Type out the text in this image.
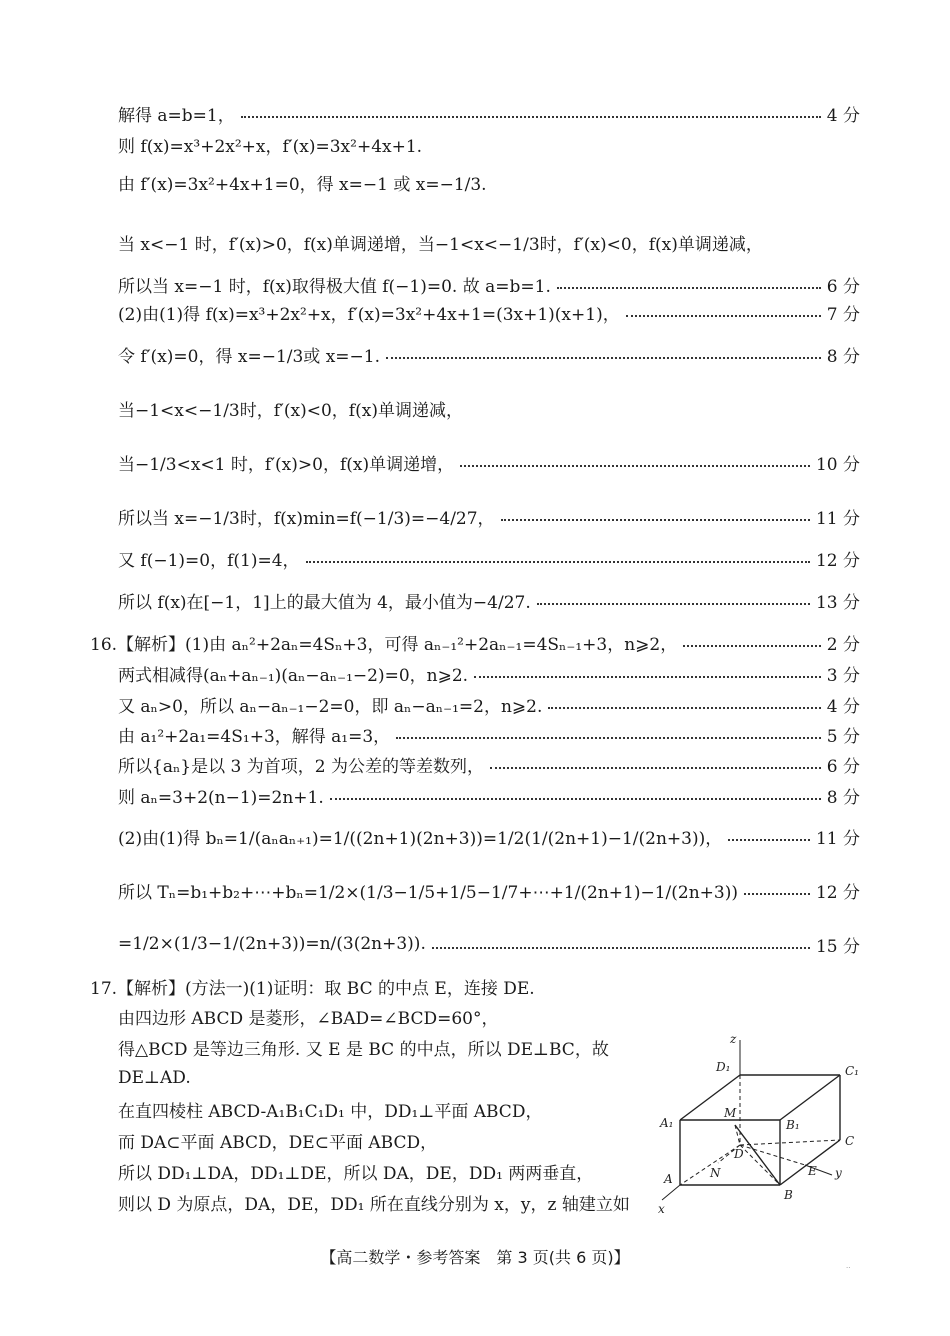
解得 a=b=1，	4 分
则 f(x)=x³+2x²+x，f′(x)=3x²+4x+1.
由 f′(x)=3x²+4x+1=0，得 x=−1 或 x=−1/3.
当 x<−1 时，f′(x)>0，f(x)单调递增，当−1<x<−1/3时，f′(x)<0，f(x)单调递减，
所以当 x=−1 时，f(x)取得极大值 f(−1)=0. 故 a=b=1.	6 分
(2)由(1)得 f(x)=x³+2x²+x，f′(x)=3x²+4x+1=(3x+1)(x+1)，	7 分
令 f′(x)=0，得 x=−1/3或 x=−1.	8 分
当−1<x<−1/3时，f′(x)<0，f(x)单调递减，
当−1/3<x<1 时，f′(x)>0，f(x)单调递增，	10 分
所以当 x=−1/3时，f(x)min=f(−1/3)=−4/27，	11 分
又 f(−1)=0，f(1)=4，	12 分
所以 f(x)在[−1，1]上的最大值为 4，最小值为−4/27.	13 分
16.【解析】(1)由 aₙ²+2aₙ=4Sₙ+3，可得 aₙ₋₁²+2aₙ₋₁=4Sₙ₋₁+3，n⩾2，	2 分
两式相减得(aₙ+aₙ₋₁)(aₙ−aₙ₋₁−2)=0，n⩾2.	3 分
又 aₙ>0，所以 aₙ−aₙ₋₁−2=0，即 aₙ−aₙ₋₁=2，n⩾2.	4 分
由 a₁²+2a₁=4S₁+3，解得 a₁=3，	5 分
所以{aₙ}是以 3 为首项，2 为公差的等差数列，	6 分
则 aₙ=3+2(n−1)=2n+1.	8 分
(2)由(1)得 bₙ=1/(aₙaₙ₊₁)=1/((2n+1)(2n+3))=1/2(1/(2n+1)−1/(2n+3))，	11 分
所以 Tₙ=b₁+b₂+⋯+bₙ=1/2×(1/3−1/5+1/5−1/7+⋯+1/(2n+1)−1/(2n+3))	12 分
=1/2×(1/3−1/(2n+3))=n/(3(2n+3)).	15 分
17.【解析】(方法一)(1)证明：取 BC 的中点 E，连接 DE.
由四边形 ABCD 是菱形，∠BAD=∠BCD=60°，
得△BCD 是等边三角形. 又 E 是 BC 的中点，所以 DE⊥BC，故
DE⊥AD.
在直四棱柱 ABCD-A₁B₁C₁D₁ 中，DD₁⊥平面 ABCD，
而 DA⊂平面 ABCD，DE⊂平面 ABCD，
所以 DD₁⊥DA，DD₁⊥DE，所以 DA，DE，DD₁ 两两垂直，
则以 D 为原点，DA，DE，DD₁ 所在直线分别为 x，y，z 轴建立如
z
D₁	C₁
A₁
M
B₁
C
D
A	N	E y
B
x
【高二数学・参考答案　第 3 页(共 6 页)】
··
